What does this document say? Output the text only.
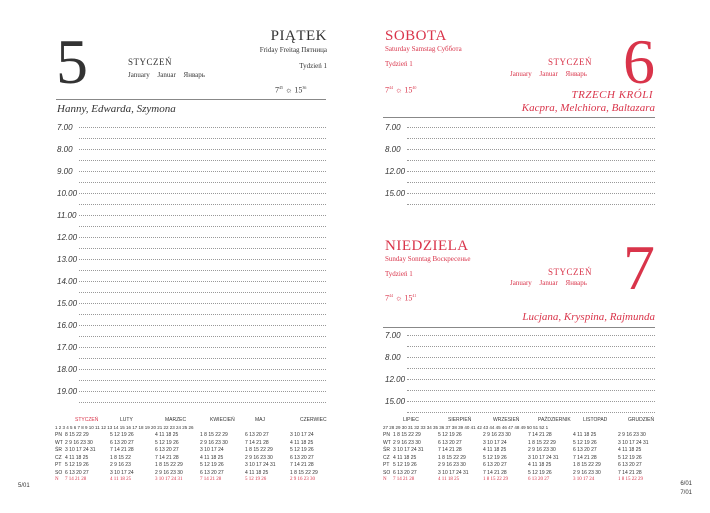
5	STYCZEŃ
January Januar Январь
PIĄTEK
Friday Freitag Пятница
Tydzień 1
$7^{45}$ ☼ $15^{36}$
Hanny, Edwarda, Szymona
7.00
8.00
9.00
10.00
11.00
12.00
13.00
14.00
15.00
16.00
17.00
18.00
19.00
STYCZEŃ	LUTY	MARZEC	KWIECIEŃ	MAJ	CZERWIEC
1 2 3 4 5 6 7 8 9 10 11 12 13 14 15 16 17 18 19 20 21 22 23 24 25 26
PN 8 15 22 29	5 12 19 26	4 11 18 25	1 8 15 22 29	6 13 20 27	3 10 17 24
WT 2 9 16 23 30	6 13 20 27	5 12 19 26	2 9 16 23 30	7 14 21 28	4 11 18 25
ŚR 3 10 17 24 31	7 14 21 28	6 13 20 27	3 10 17 24	1 8 15 22 29	5 12 19 26
CZ 4 11 18 25	1 8 15 22	7 14 21 28	4 11 18 25	2 9 16 23 30	6 13 20 27
PT 5 12 19 26	2 9 16 23	1 8 15 22 29	5 12 19 26	3 10 17 24 31	7 14 21 28
SO 6 13 20 27	3 10 17 24	2 9 16 23 30	6 13 20 27	4 11 18 25	1 8 15 22 29
N 7 14 21 28	4 11 18 25	3 10 17 24 31	7 14 21 28	5 12 19 26	2 9 16 23 30
5/01
SOBOTA
Saturday Samstag Суббота
Tydzień 1	STYCZEŃ
January Januar Январь 6
$7^{44}$ ☼ $15^{40}$
TRZECH KRÓLI
Kacpra, Melchiora, Baltazara
7.00
8.00
12.00
15.00
NIEDZIELA
Sunday Sonntag Воскресенье
Tydzień 1	STYCZEŃ
January Januar Январь 7
$7^{44}$ ☼ $15^{41}$
Lucjana, Kryspina, Rajmunda
7.00
8.00
12.00
15.00
LIPIEC	SIERPIEŃ	WRZESIEŃ	PAŹDZIERNIK LISTOPAD	GRUDZIEŃ
27 28 29 30 31 32 33 34 35 36 37 38 39 40 41 42 43 44 45 46 47 48 49 50 51 52 1
PN 1 8 15 22 29	5 12 19 26	2 9 16 23 30	7 14 21 28	4 11 18 25	2 9 16 23 30
WT 2 9 16 23 30	6 13 20 27	3 10 17 24	1 8 15 22 29	5 12 19 26	3 10 17 24 31
ŚR 3 10 17 24 31	7 14 21 28	4 11 18 25	2 9 16 23 30	6 13 20 27	4 11 18 25
CZ 4 11 18 25	1 8 15 22 29	5 12 19 26	3 10 17 24 31	7 14 21 28	5 12 19 26
PT 5 12 19 26	2 9 16 23 30	6 13 20 27	4 11 18 25	1 8 15 22 29	6 13 20 27
SO 6 13 20 27	3 10 17 24 31	7 14 21 28	5 12 19 26	2 9 16 23 30	7 14 21 28
N 7 14 21 28	4 11 18 25	1 8 15 22 29	6 13 20 27	3 10 17 24	1 8 15 22 29
6/01
7/01
